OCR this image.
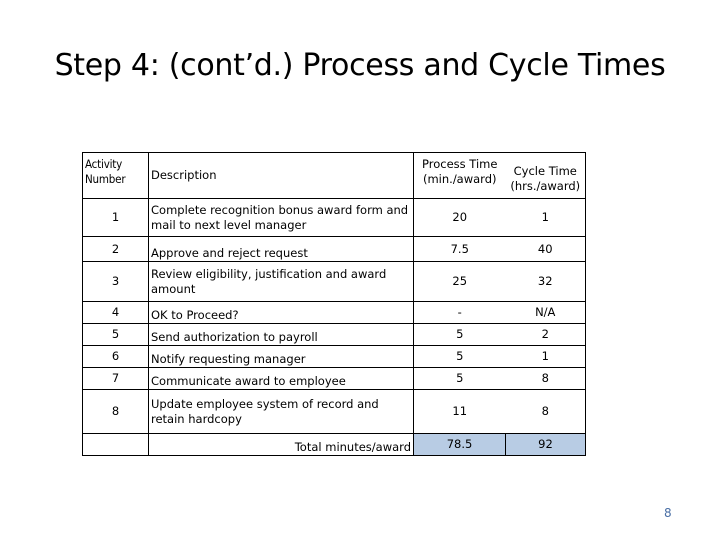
Step 4: (cont’d.) Process and Cycle Times
Activity Number	Description	Process Time (min./award)	Cycle Time (hrs./award)
1	Complete recognition bonus award form and mail to next level manager	20	1
2	Approve and reject request	7.5	40
3	Review eligibility, justification and award amount	25	32
4	OK to Proceed?	-	N/A
5	Send authorization to payroll	5	2
6	Notify requesting manager	5	1
7	Communicate award to employee	5	8
8	Update employee system of record and retain hardcopy	11	8
	Total minutes/award	78.5	92
8
